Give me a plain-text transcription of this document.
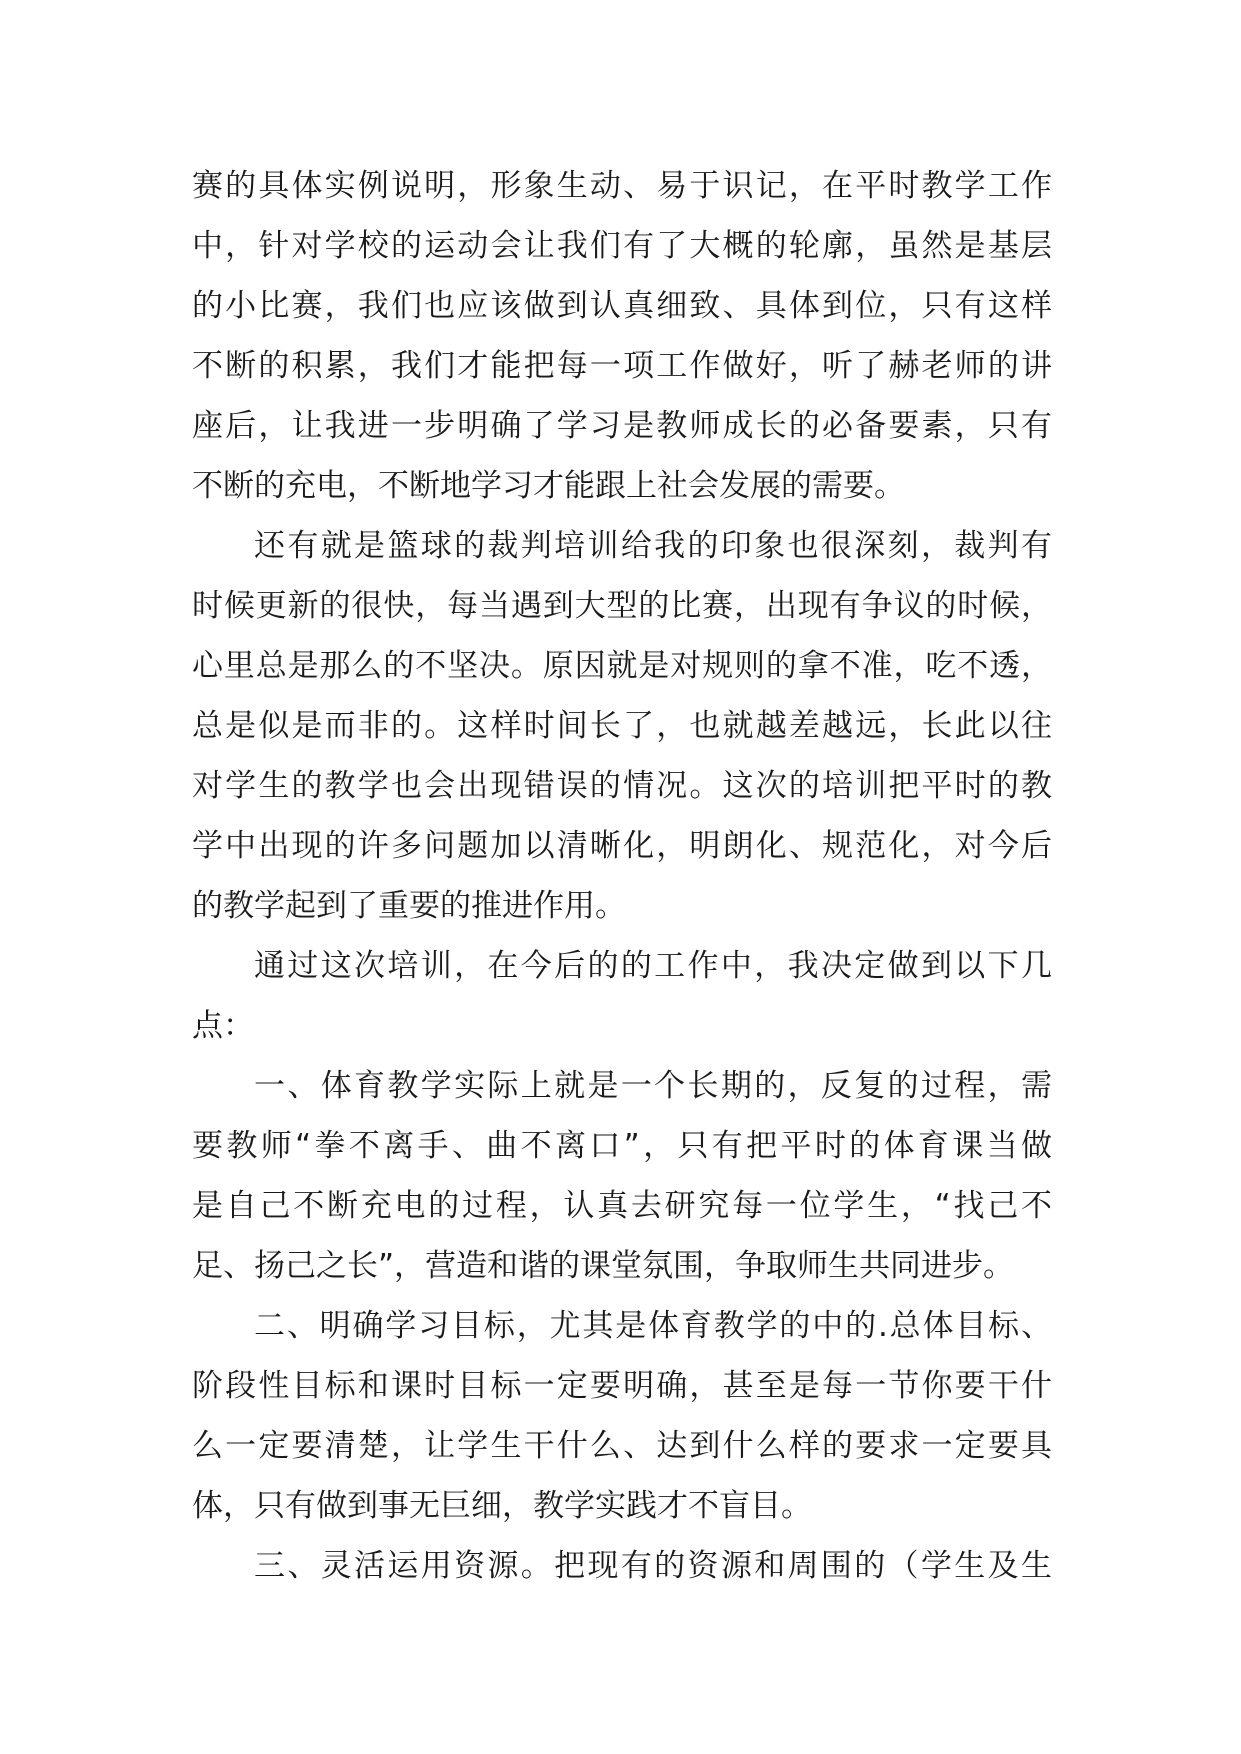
赛的具体实例说明，形象生动、易于识记，在平时教学工作
中，针对学校的运动会让我们有了大概的轮廓，虽然是基层
的小比赛，我们也应该做到认真细致、具体到位，只有这样
不断的积累，我们才能把每一项工作做好，听了赫老师的讲
座后，让我进一步明确了学习是教师成长的必备要素，只有
不断的充电，不断地学习才能跟上社会发展的需要。
还有就是篮球的裁判培训给我的印象也很深刻，裁判有
时候更新的很快，每当遇到大型的比赛，出现有争议的时候，
心里总是那么的不坚决。原因就是对规则的拿不准，吃不透，
总是似是而非的。这样时间长了，也就越差越远，长此以往
对学生的教学也会出现错误的情况。这次的培训把平时的教
学中出现的许多问题加以清晰化，明朗化、规范化，对今后
的教学起到了重要的推进作用。
通过这次培训，在今后的的工作中，我决定做到以下几
点：
一、体育教学实际上就是一个长期的，反复的过程，需
要教师“拳不离手、曲不离口”，只有把平时的体育课当做
是自己不断充电的过程，认真去研究每一位学生，“找己不
足、扬己之长”，营造和谐的课堂氛围，争取师生共同进步。
二、明确学习目标，尤其是体育教学的中的.总体目标、
阶段性目标和课时目标一定要明确，甚至是每一节你要干什
么一定要清楚，让学生干什么、达到什么样的要求一定要具
体，只有做到事无巨细，教学实践才不盲目。
三、灵活运用资源。把现有的资源和周围的（学生及生
